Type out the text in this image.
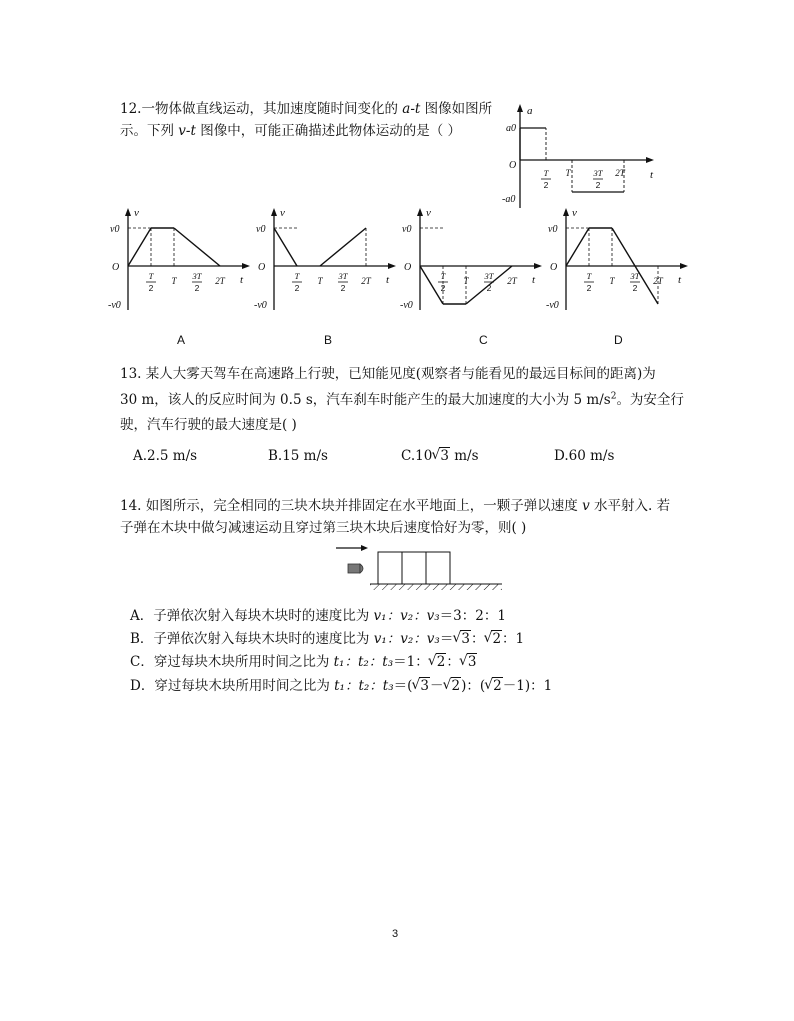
12.一物体做直线运动，其加速度随时间变化的 a-t 图像如图所
示。下列 v-t 图像中，可能正确描述此物体运动的是（ ）
a
t
O
a0
-a0
T
2
T	3T
2
2T
v
t
O
v0
-v0
T
2
T 3T
2
2T
v
t
O
v0
-v0
T
2
T 3T
2
2T
v
t
O
v0
-v0
T
2
T 3T
2
2T
v
t
O
v0
-v0
T
2
T 3T
2
2T
A	B	C	D
13. 某人大雾天驾车在高速路上行驶，已知能见度(观察者与能看见的最远目标间的距离)为
30 m，该人的反应时间为 0.5 s，汽车刹车时能产生的最大加速度的大小为 5 $m/s^2$。为安全行
驶，汽车行驶的最大速度是( )
A.2.5 m/s	B.15 m/s	C.10 √ 3 m/s	D.60 m/s
14. 如图所示，完全相同的三块木块并排固定在水平地面上，一颗子弹以速度 v 水平射入. 若
子弹在木块中做匀减速运动且穿过第三块木块后速度恰好为零，则( )
A．子弹依次射入每块木块时的速度比为 v₁：v₂：v₃＝3：2：1
B．子弹依次射入每块木块时的速度比为 v₁：v₂：v₃＝ √ 3： √ 2：1
C．穿过每块木块所用时间之比为 t₁：t₂：t₃＝1： √ 2： √ 3
D．穿过每块木块所用时间之比为 t₁：t₂：t₃＝( √ 3－ √ 2)：( √ 2－1)：1
3
